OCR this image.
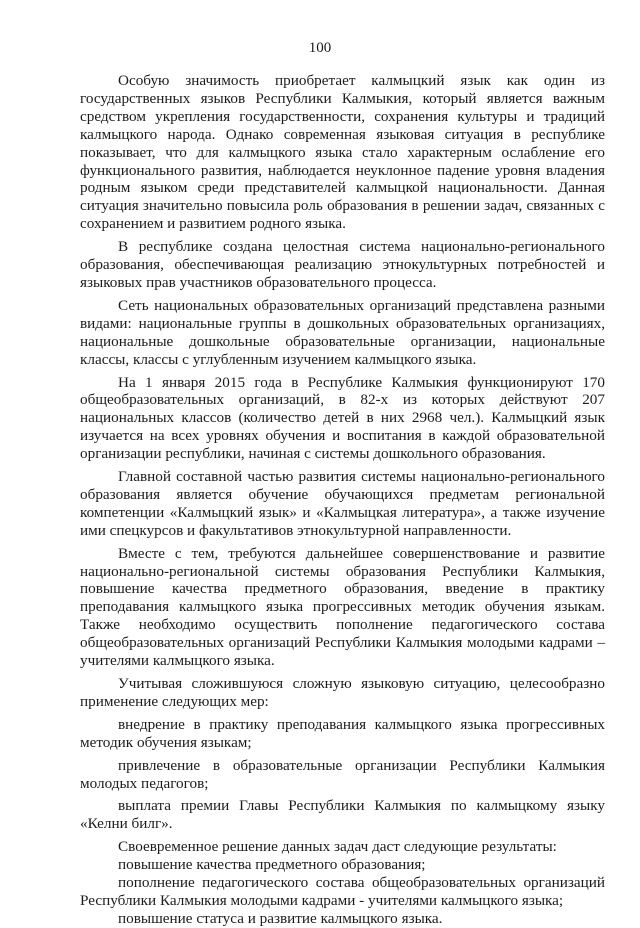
100

Особую значимость приобретает калмыцкий язык как один из государственных языков Республики Калмыкия, который является важным средством укрепления государственности, сохранения культуры и традиций калмыцкого народа. Однако современная языковая ситуация в республике показывает, что для калмыцкого языка стало характерным ослабление его функционального развития, наблюдается неуклонное падение уровня владения родным языком среди представителей калмыцкой национальности. Данная ситуация значительно повысила роль образования в решении задач, связанных с сохранением и развитием родного языка.

В республике создана целостная система национально-регионального образования, обеспечивающая реализацию этнокультурных потребностей и языковых прав участников образовательного процесса.

Сеть национальных образовательных организаций представлена разными видами: национальные группы в дошкольных образовательных организациях, национальные дошкольные образовательные организации, национальные классы, классы с углубленным изучением калмыцкого языка.

На 1 января 2015 года в Республике Калмыкия функционируют 170 общеобразовательных организаций, в 82-х из которых действуют 207 национальных классов (количество детей в них 2968 чел.). Калмыцкий язык изучается на всех уровнях обучения и воспитания в каждой образовательной организации республики, начиная с системы дошкольного образования.

Главной составной частью развития системы национально-регионального образования является обучение обучающихся предметам региональной компетенции «Калмыцкий язык» и «Калмыцкая литература», а также изучение ими спецкурсов и факультативов этнокультурной направленности.

Вместе с тем, требуются дальнейшее совершенствование и развитие национально-региональной системы образования Республики Калмыкия, повышение качества предметного образования, введение в практику преподавания калмыцкого языка прогрессивных методик обучения языкам. Также необходимо осуществить пополнение педагогического состава общеобразовательных организаций Республики Калмыкия молодыми кадрами – учителями калмыцкого языка.

Учитывая сложившуюся сложную языковую ситуацию, целесообразно применение следующих мер:

внедрение в практику преподавания калмыцкого языка прогрессивных методик обучения языкам;

привлечение в образовательные организации Республики Калмыкия молодых педагогов;

выплата премии Главы Республики Калмыкия по калмыцкому языку «Келни билг».

Своевременное решение данных задач даст следующие результаты:

повышение качества предметного образования;

пополнение педагогического состава общеобразовательных организаций Республики Калмыкия молодыми кадрами - учителями калмыцкого языка;

повышение статуса и развитие калмыцкого языка.
